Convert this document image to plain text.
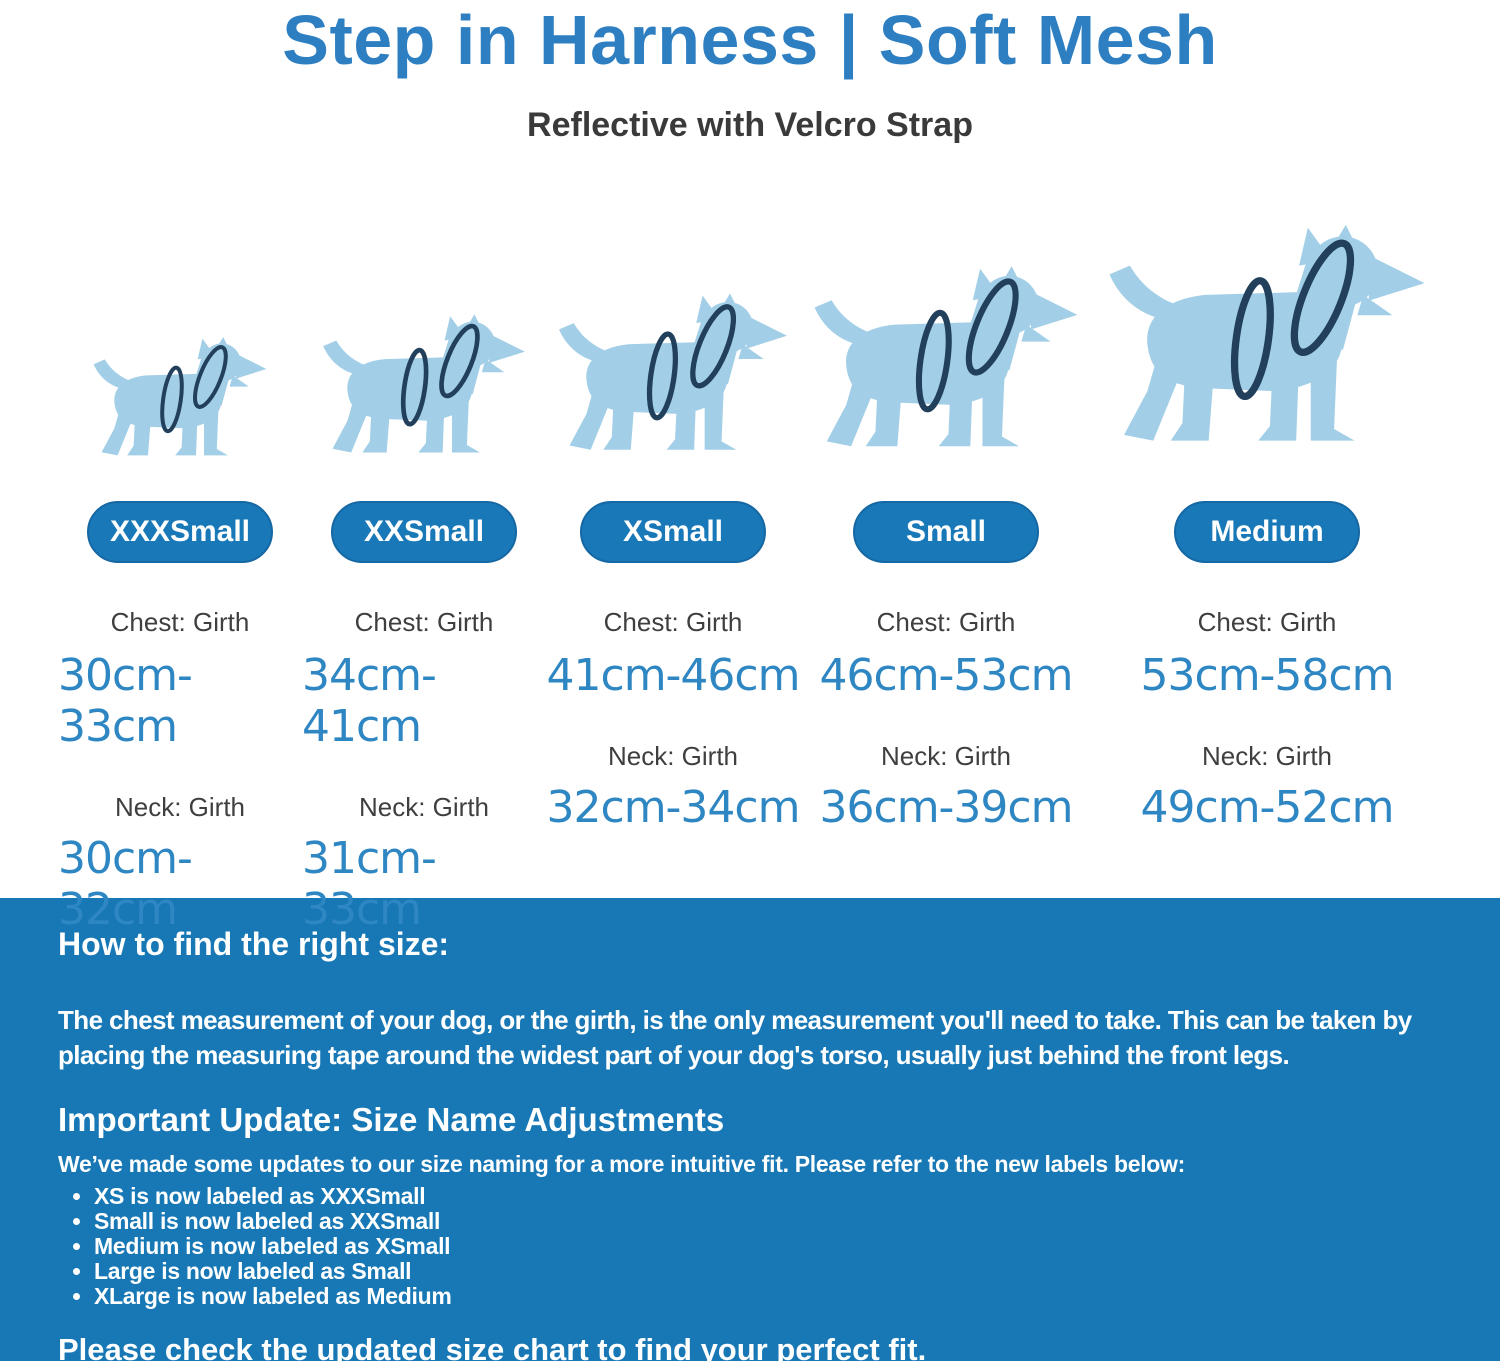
Step in Harness | Soft Mesh
Reflective with Velcro Strap
XXXSmall
Chest: Girth
30cm-33cm
Neck: Girth
30cm-32cm
XXSmall
Chest: Girth
34cm-41cm
Neck: Girth
31cm-33cm
XSmall
Chest: Girth
41cm-46cm
Neck: Girth
32cm-34cm
Small
Chest: Girth
46cm-53cm
Neck: Girth
36cm-39cm
Medium
Chest: Girth
53cm-58cm
Neck: Girth
49cm-52cm
How to find the right size:

The chest measurement of your dog, or the girth, is the only measurement you'll need to take. This can be taken by placing the measuring tape around the widest part of your dog's torso, usually just behind the front legs.

Important Update: Size Name Adjustments

We’ve made some updates to our size naming for a more intuitive fit. Please refer to the new labels below:

• XS is now labeled as XXXSmall
• Small is now labeled as XXSmall
• Medium is now labeled as XSmall
• Large is now labeled as Small
• XLarge is now labeled as Medium

Please check the updated size chart to find your perfect fit.
